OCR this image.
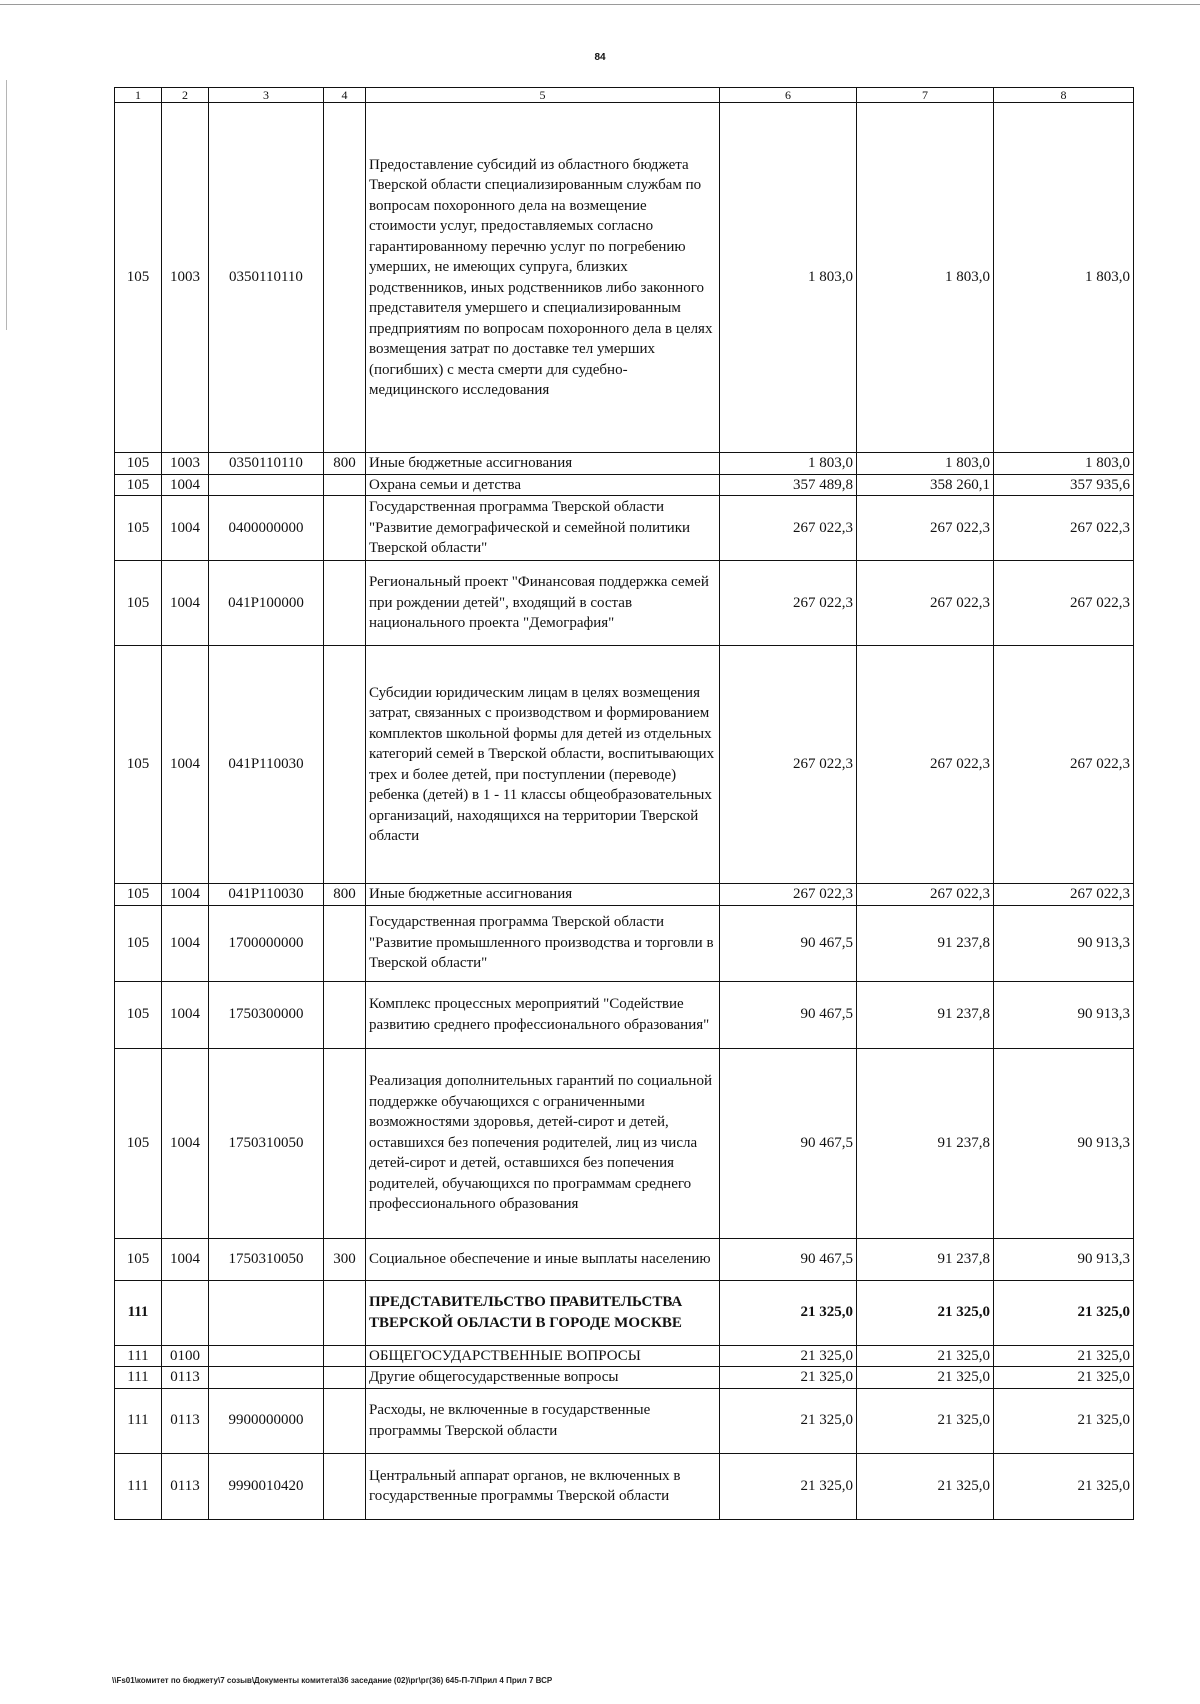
84
1	2	3	4	5	6	7	8
105	1003	0350110110		Предоставление субсидий из областного бюджета Тверской области специализированным службам по вопросам похоронного дела на возмещение стоимости услуг, предоставляемых согласно гарантированному перечню услуг по погребению умерших, не имеющих супруга, близких родственников, иных родственников либо законного представителя умершего и специализированным предприятиям по вопросам похоронного дела в целях возмещения затрат по доставке тел умерших (погибших) с места смерти для судебно-медицинского исследования	1 803,0	1 803,0	1 803,0
105	1003	0350110110	800	Иные бюджетные ассигнования	1 803,0	1 803,0	1 803,0
105	1004			Охрана семьи и детства	357 489,8	358 260,1	357 935,6
105	1004	0400000000		Государственная программа Тверской области "Развитие демографической и семейной политики Тверской области"	267 022,3	267 022,3	267 022,3
105	1004	041P100000		Региональный проект "Финансовая поддержка семей при рождении детей", входящий в состав национального проекта "Демография"	267 022,3	267 022,3	267 022,3
105	1004	041P110030		Субсидии юридическим лицам в целях возмещения затрат, связанных с производством и формированием комплектов школьной формы для детей из отдельных категорий семей в Тверской области, воспитывающих трех и более детей, при поступлении (переводе) ребенка (детей) в 1 - 11 классы общеобразовательных организаций, находящихся на территории Тверской области	267 022,3	267 022,3	267 022,3
105	1004	041P110030	800	Иные бюджетные ассигнования	267 022,3	267 022,3	267 022,3
105	1004	1700000000		Государственная программа Тверской области "Развитие промышленного производства и торговли в Тверской области"	90 467,5	91 237,8	90 913,3
105	1004	1750300000		Комплекс процессных мероприятий "Содействие развитию среднего профессионального образования"	90 467,5	91 237,8	90 913,3
105	1004	1750310050		Реализация дополнительных гарантий по социальной поддержке обучающихся с ограниченными возможностями здоровья, детей-сирот и детей, оставшихся без попечения родителей, лиц из числа детей-сирот и детей, оставшихся без попечения родителей, обучающихся по программам среднего профессионального образования	90 467,5	91 237,8	90 913,3
105	1004	1750310050	300	Социальное обеспечение и иные выплаты населению	90 467,5	91 237,8	90 913,3
111				ПРЕДСТАВИТЕЛЬСТВО ПРАВИТЕЛЬСТВА ТВЕРСКОЙ ОБЛАСТИ В ГОРОДЕ МОСКВЕ	21 325,0	21 325,0	21 325,0
111	0100			ОБЩЕГОСУДАРСТВЕННЫЕ ВОПРОСЫ	21 325,0	21 325,0	21 325,0
111	0113			Другие общегосударственные вопросы	21 325,0	21 325,0	21 325,0
111	0113	9900000000		Расходы, не включенные в государственные программы Тверской области	21 325,0	21 325,0	21 325,0
111	0113	9990010420		Центральный аппарат органов, не включенных в государственные программы Тверской области	21 325,0	21 325,0	21 325,0
\\Fs01\комитет по бюджету\7 созыв\Документы комитета\36 заседание (02)\рг\рг(36) 645-П-7\Прил 4 Прил 7 ВСР
